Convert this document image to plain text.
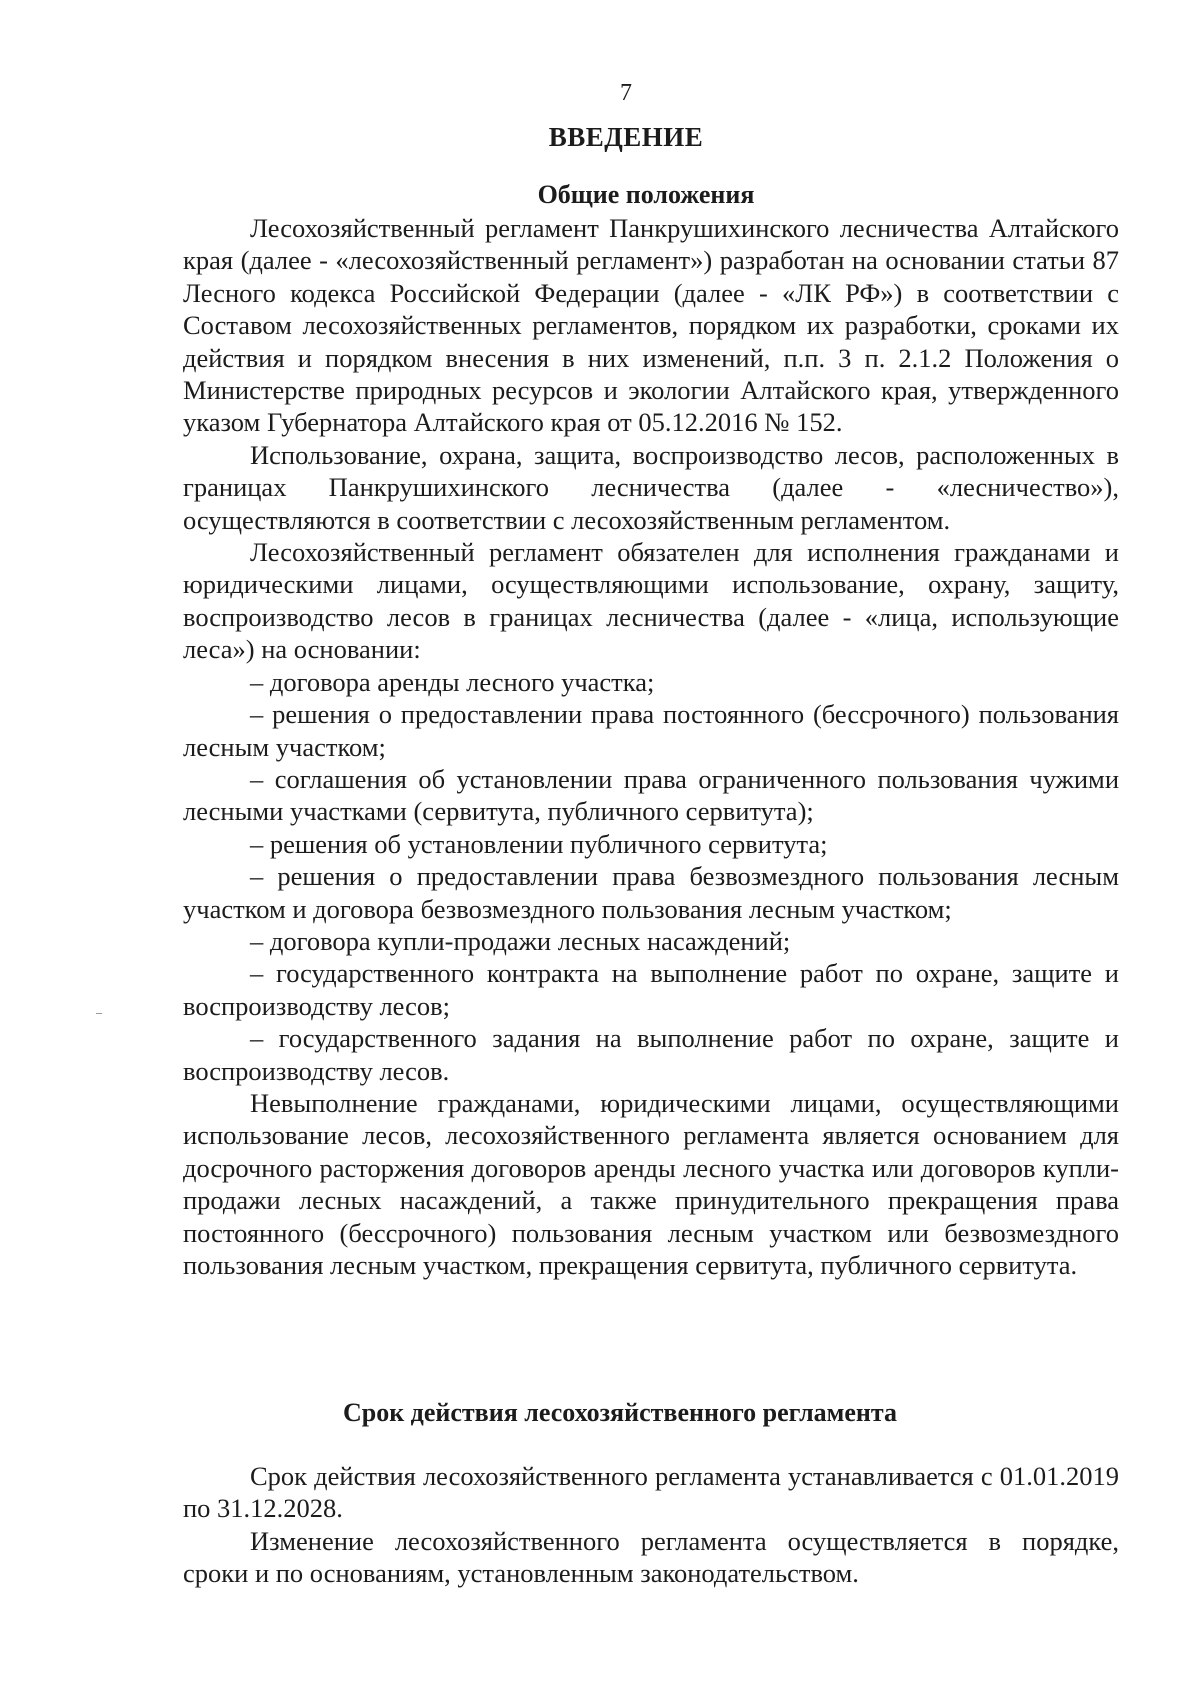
7
ВВЕДЕНИЕ
Общие положения

Лесохозяйственный регламент Панкрушихинского лесничества Алтайского края (далее - «лесохозяйственный регламент») разработан на основании статьи 87 Лесного кодекса Российской Федерации (далее - «ЛК РФ») в соответствии с Составом лесохозяйственных регламентов, порядком их разработки, сроками их действия и порядком внесения в них изменений, п.п. 3 п. 2.1.2 Положения о Министерстве природных ресурсов и экологии Алтайского края, утвержденного указом Губернатора Алтайского края от 05.12.2016 № 152.

Использование, охрана, защита, воспроизводство лесов, расположенных в границах Панкрушихинского лесничества (далее - «лесничество»), осуществляются в соответствии с лесохозяйственным регламентом.

Лесохозяйственный регламент обязателен для исполнения гражданами и юридическими лицами, осуществляющими использование, охрану, защиту, воспроизводство лесов в границах лесничества (далее - «лица, использующие леса») на основании:

– договора аренды лесного участка;

– решения о предоставлении права постоянного (бессрочного) пользования лесным участком;

– соглашения об установлении права ограниченного пользования чужими лесными участками (сервитута, публичного сервитута);

– решения об установлении публичного сервитута;

– решения о предоставлении права безвозмездного пользования лесным участком и договора безвозмездного пользования лесным участком;

– договора купли-продажи лесных насаждений;

– государственного контракта на выполнение работ по охране, защите и воспроизводству лесов;

– государственного задания на выполнение работ по охране, защите и воспроизводству лесов.

Невыполнение гражданами, юридическими лицами, осуществляющими использование лесов, лесохозяйственного регламента является основанием для досрочного расторжения договоров аренды лесного участка или договоров купли-продажи лесных насаждений, а также принудительного прекращения права постоянного (бессрочного) пользования лесным участком или безвозмездного пользования лесным участком, прекращения сервитута, публичного сервитута.

Срок действия лесохозяйственного регламента

Срок действия лесохозяйственного регламента устанавливается с 01.01.2019 по 31.12.2028.

Изменение лесохозяйственного регламента осуществляется в порядке, сроки и по основаниям, установленным законодательством.
